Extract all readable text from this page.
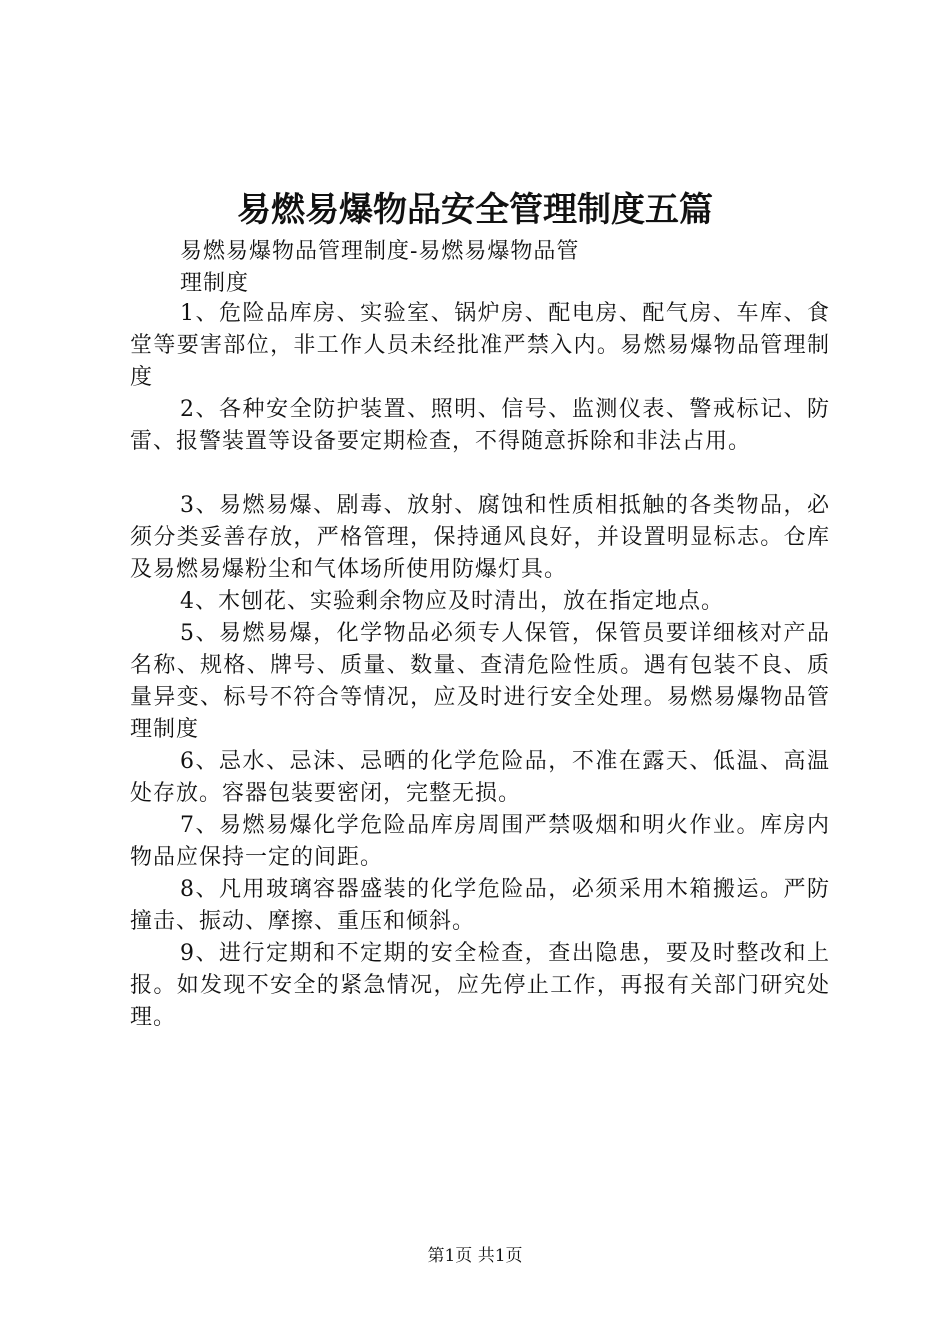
易燃易爆物品安全管理制度五篇

易燃易爆物品管理制度-易燃易爆物品管理制度

1、危险品库房、实验室、锅炉房、配电房、配气房、车库、食堂等要害部位，非工作人员未经批准严禁入内。易燃易爆物品管理制度

2、各种安全防护装置、照明、信号、监测仪表、警戒标记、防雷、报警装置等设备要定期检查，不得随意拆除和非法占用。

3、易燃易爆、剧毒、放射、腐蚀和性质相抵触的各类物品，必须分类妥善存放，严格管理，保持通风良好，并设置明显标志。仓库及易燃易爆粉尘和气体场所使用防爆灯具。

4、木刨花、实验剩余物应及时清出，放在指定地点。

5、易燃易爆，化学物品必须专人保管，保管员要详细核对产品名称、规格、牌号、质量、数量、查清危险性质。遇有包装不良、质量异变、标号不符合等情况，应及时进行安全处理。易燃易爆物品管理制度

6、忌水、忌沫、忌晒的化学危险品，不准在露天、低温、高温处存放。容器包装要密闭，完整无损。

7、易燃易爆化学危险品库房周围严禁吸烟和明火作业。库房内物品应保持一定的间距。

8、凡用玻璃容器盛装的化学危险品，必须采用木箱搬运。严防撞击、振动、摩擦、重压和倾斜。

9、进行定期和不定期的安全检查，查出隐患，要及时整改和上报。如发现不安全的紧急情况，应先停止工作，再报有关部门研究处理。

第1页 共1页
